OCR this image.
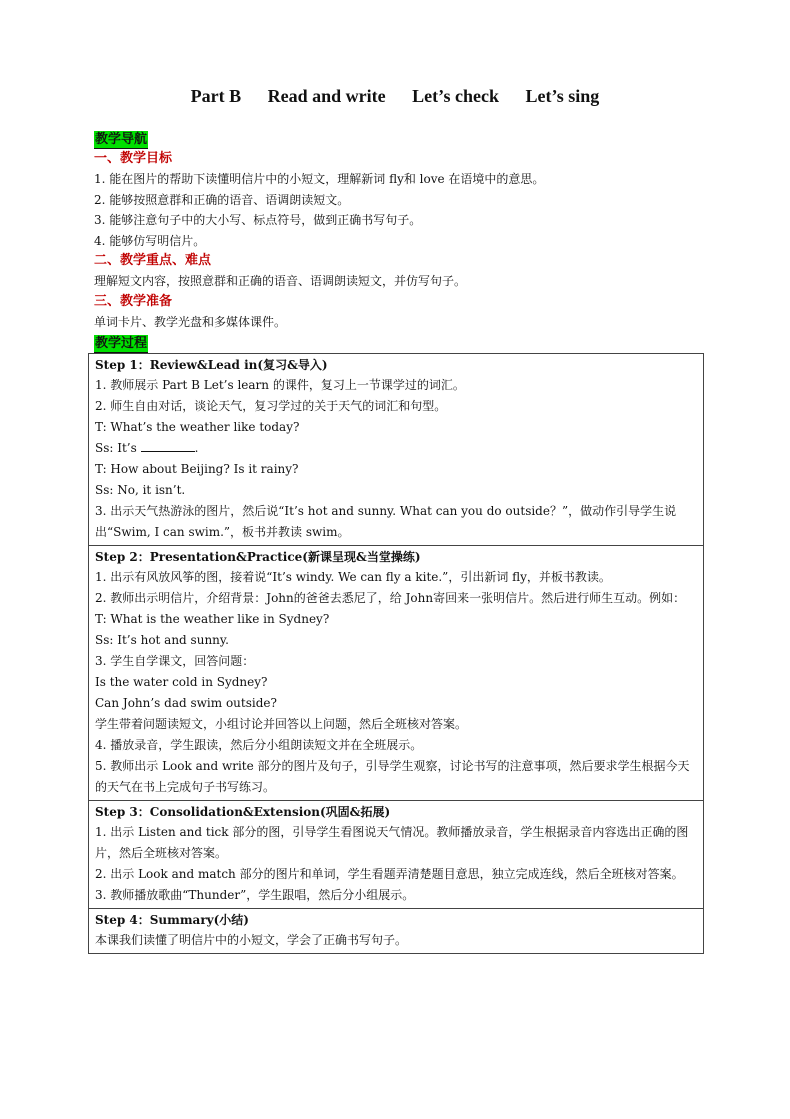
Part B Read and write Let’s check Let’s sing
教学导航
一、教学目标
1. 能在图片的帮助下读懂明信片中的小短文，理解新词 fly和 love 在语境中的意思。
2. 能够按照意群和正确的语音、语调朗读短文。
3. 能够注意句子中的大小写、标点符号，做到正确书写句子。
4. 能够仿写明信片。
二、教学重点、难点
理解短文内容，按照意群和正确的语音、语调朗读短文，并仿写句子。
三、教学准备
单词卡片、教学光盘和多媒体课件。
教学过程
Step 1：Review&Lead in(复习&导入)
1. 教师展示 Part B Let’s learn 的课件，复习上一节课学过的词汇。
2. 师生自由对话，谈论天气，复习学过的关于天气的词汇和句型。
T: What’s the weather like today?
Ss: It’s	.
T: How about Beijing? Is it rainy?
Ss: No, it isn’t.
3. 出示天气热游泳的图片，然后说“It’s hot and sunny. What can you do outside？”，做动作引导学生说出“Swim, I can swim.”，板书并教读 swim。

Step 2：Presentation&Practice(新课呈现&当堂操练)
1. 出示有风放风筝的图，接着说“It’s windy. We can fly a kite.”，引出新词 fly，并板书教读。
2. 教师出示明信片，介绍背景：John的爸爸去悉尼了，给 John寄回来一张明信片。然后进行师生互动。例如：
T: What is the weather like in Sydney?
Ss: It’s hot and sunny.
3. 学生自学课文，回答问题：
Is the water cold in Sydney?
Can John’s dad swim outside?
学生带着问题读短文，小组讨论并回答以上问题，然后全班核对答案。
4. 播放录音，学生跟读，然后分小组朗读短文并在全班展示。
5. 教师出示 Look and write 部分的图片及句子，引导学生观察，讨论书写的注意事项，然后要求学生根据今天的天气在书上完成句子书写练习。

Step 3：Consolidation&Extension(巩固&拓展)
1. 出示 Listen and tick 部分的图，引导学生看图说天气情况。教师播放录音，学生根据录音内容选出正确的图片，然后全班核对答案。
2. 出示 Look and match 部分的图片和单词，学生看题弄清楚题目意思，独立完成连线，然后全班核对答案。
3. 教师播放歌曲“Thunder”，学生跟唱，然后分小组展示。

Step 4：Summary(小结)
本课我们读懂了明信片中的小短文，学会了正确书写句子。
